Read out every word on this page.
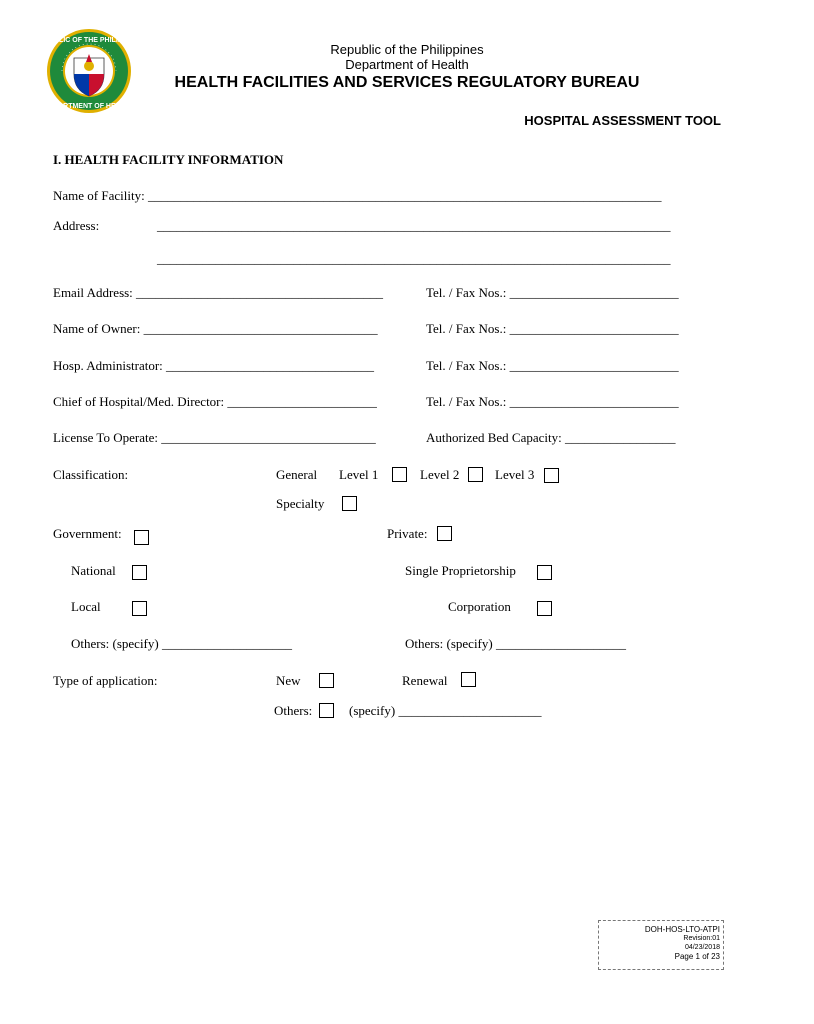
REPUBLIC OF THE PHILIPPINES
DEPARTMENT OF HEALTH
Republic of the Philippines
Department of Health
HEALTH FACILITIES AND SERVICES REGULATORY BUREAU
HOSPITAL ASSESSMENT TOOL
I. HEALTH FACILITY INFORMATION
Name of Facility: _______________________________________________________________________________
Address:	_______________________________________________________________________________
_______________________________________________________________________________
Email Address: ______________________________________	Tel. / Fax Nos.: __________________________
Name of Owner: ____________________________________	Tel. / Fax Nos.: __________________________
Hosp. Administrator: ________________________________	Tel. / Fax Nos.: __________________________
Chief of Hospital/Med. Director: _______________________	Tel. / Fax Nos.: __________________________
License To Operate: _________________________________	Authorized Bed Capacity: _________________
Classification:	General Level 1	Level 2	Level 3
Specialty
Government:	Private:
National	Single Proprietorship
Local	Corporation
Others: (specify) ____________________	Others: (specify) ____________________
Type of application:	New	Renewal
Others:	(specify) ______________________
DOH-HOS-LTO-ATPI
Revision:01
04/23/2018
Page 1 of 23
